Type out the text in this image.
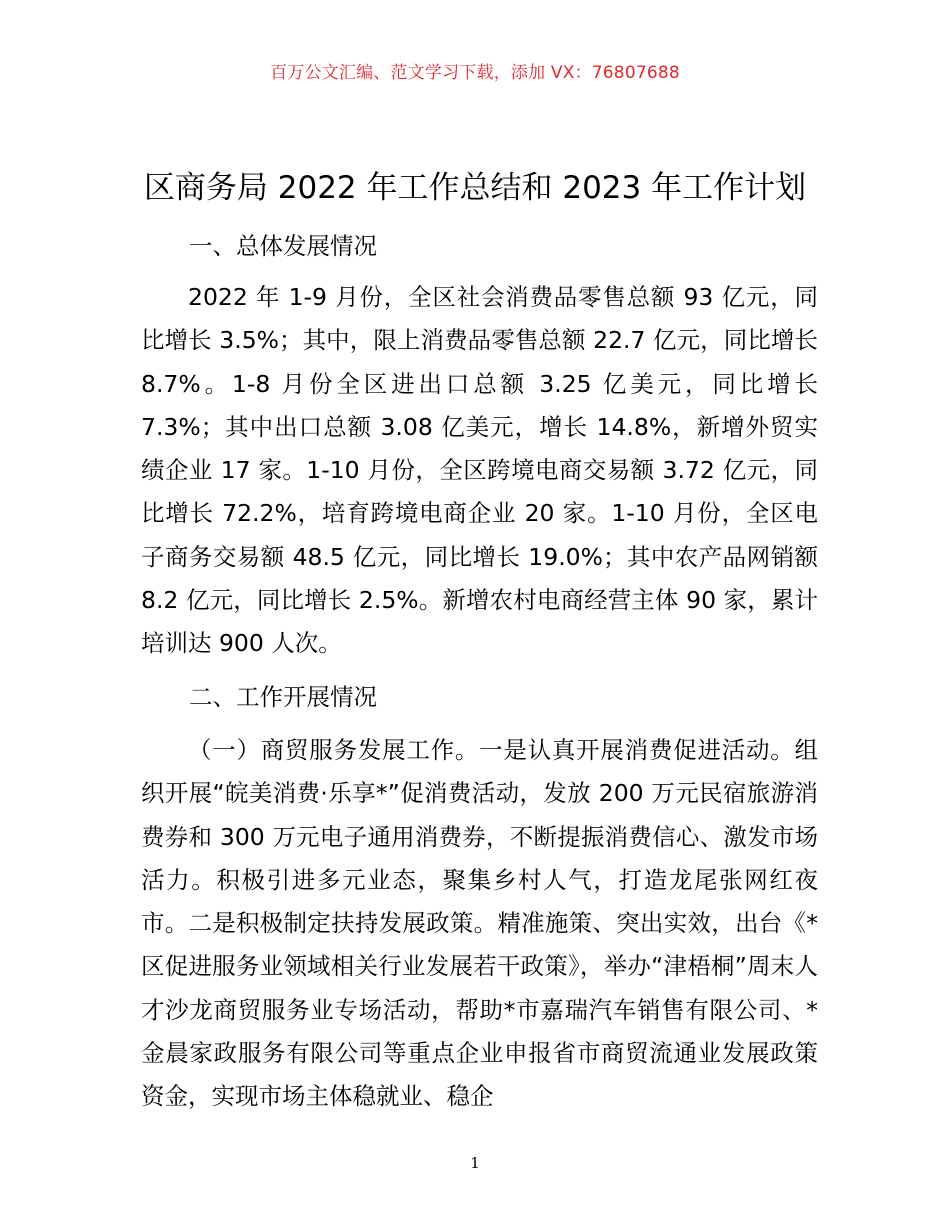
百万公文汇编、范文学习下载，添加 VX：76807688
区商务局 2022 年工作总结和 2023 年工作计划
一、总体发展情况

2022 年 1-9 月份，全区社会消费品零售总额 93 亿元，同比增长 3.5%；其中，限上消费品零售总额 22.7 亿元，同比增长 8.7%。1-8 月份全区进出口总额 3.25 亿美元，同比增长 7.3%；其中出口总额 3.08 亿美元，增长 14.8%，新增外贸实绩企业 17 家。1-10 月份，全区跨境电商交易额 3.72 亿元，同比增长 72.2%，培育跨境电商企业 20 家。1-10 月份，全区电子商务交易额 48.5 亿元，同比增长 19.0%；其中农产品网销额 8.2 亿元，同比增长 2.5%。新增农村电商经营主体 90 家，累计培训达 900 人次。

二、工作开展情况

（一）商贸服务发展工作。一是认真开展消费促进活动。组织开展“皖美消费·乐享*”促消费活动，发放 200 万元民宿旅游消费券和 300 万元电子通用消费券，不断提振消费信心、激发市场活力。积极引进多元业态，聚集乡村人气，打造龙尾张网红夜市。二是积极制定扶持发展政策。精准施策、突出实效，出台《*区促进服务业领域相关行业发展若干政策》，举办“津梧桐”周末人才沙龙商贸服务业专场活动，帮助*市嘉瑞汽车销售有限公司、*金晨家政服务有限公司等重点企业申报省市商贸流通业发展政策资金，实现市场主体稳就业、稳企

1
